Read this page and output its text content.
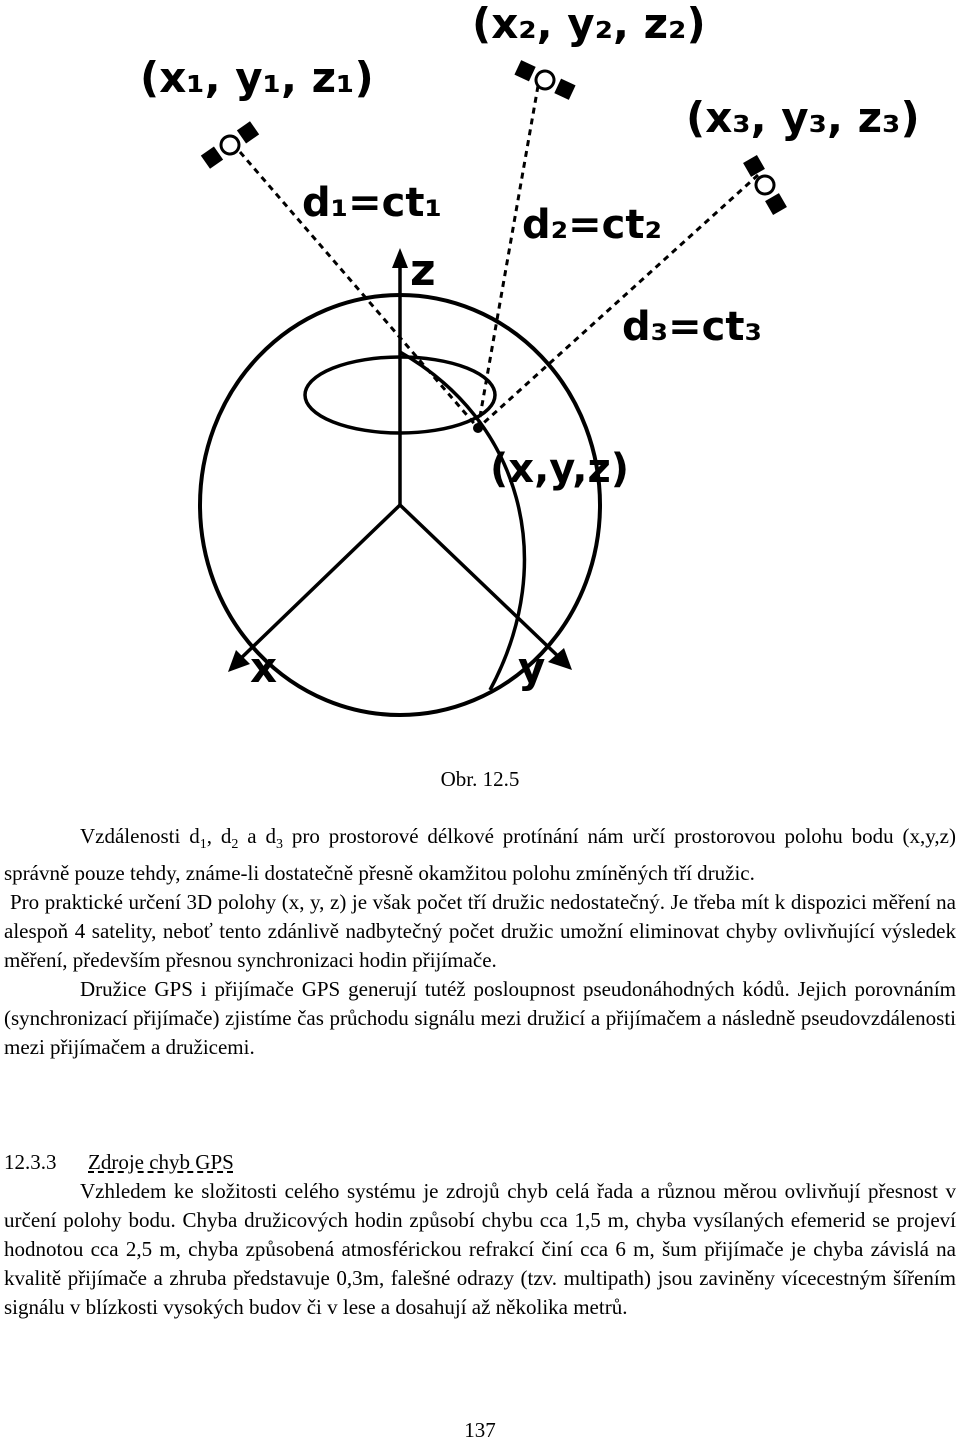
(x₁, y₁, z₁)
(x₂, y₂, z₂)
(x₃, y₃, z₃)
d₁=ct₁ d₂=ct₂
d₃=ct₃
(x,y,z)
z
x	y
Obr. 12.5

Vzdálenosti $d_1$, $d_2$ a $d_3$ pro prostorové délkové protínání nám určí prostorovou polohu bodu (x,y,z) správně pouze tehdy, známe-li dostatečně přesně okamžitou polohu zmíněných tří družic.

Pro praktické určení 3D polohy (x, y, z) je však počet tří družic nedostatečný. Je třeba mít k dispozici měření na alespoň 4 satelity, neboť tento zdánlivě nadbytečný počet družic umožní eliminovat chyby ovlivňující výsledek měření, především přesnou synchronizaci hodin přijímače.

Družice GPS i přijímače GPS generují tutéž posloupnost pseudonáhodných kódů. Jejich porovnáním (synchronizací přijímače) zjistíme čas průchodu signálu mezi družicí a přijímačem a následně pseudovzdálenosti mezi přijímačem a družicemi.

12.3.3	Zdroje chyb GPS

Vzhledem ke složitosti celého systému je zdrojů chyb celá řada a různou měrou ovlivňují přesnost v určení polohy bodu. Chyba družicových hodin způsobí chybu cca 1,5 m, chyba vysílaných efemerid se projeví hodnotou cca 2,5 m, chyba způsobená atmosférickou refrakcí činí cca 6 m, šum přijímače je chyba závislá na kvalitě přijímače a zhruba představuje 0,3m, falešné odrazy (tzv. multipath) jsou zaviněny vícecestným šířením signálu v blízkosti vysokých budov či v lese a dosahují až několika metrů.

137
